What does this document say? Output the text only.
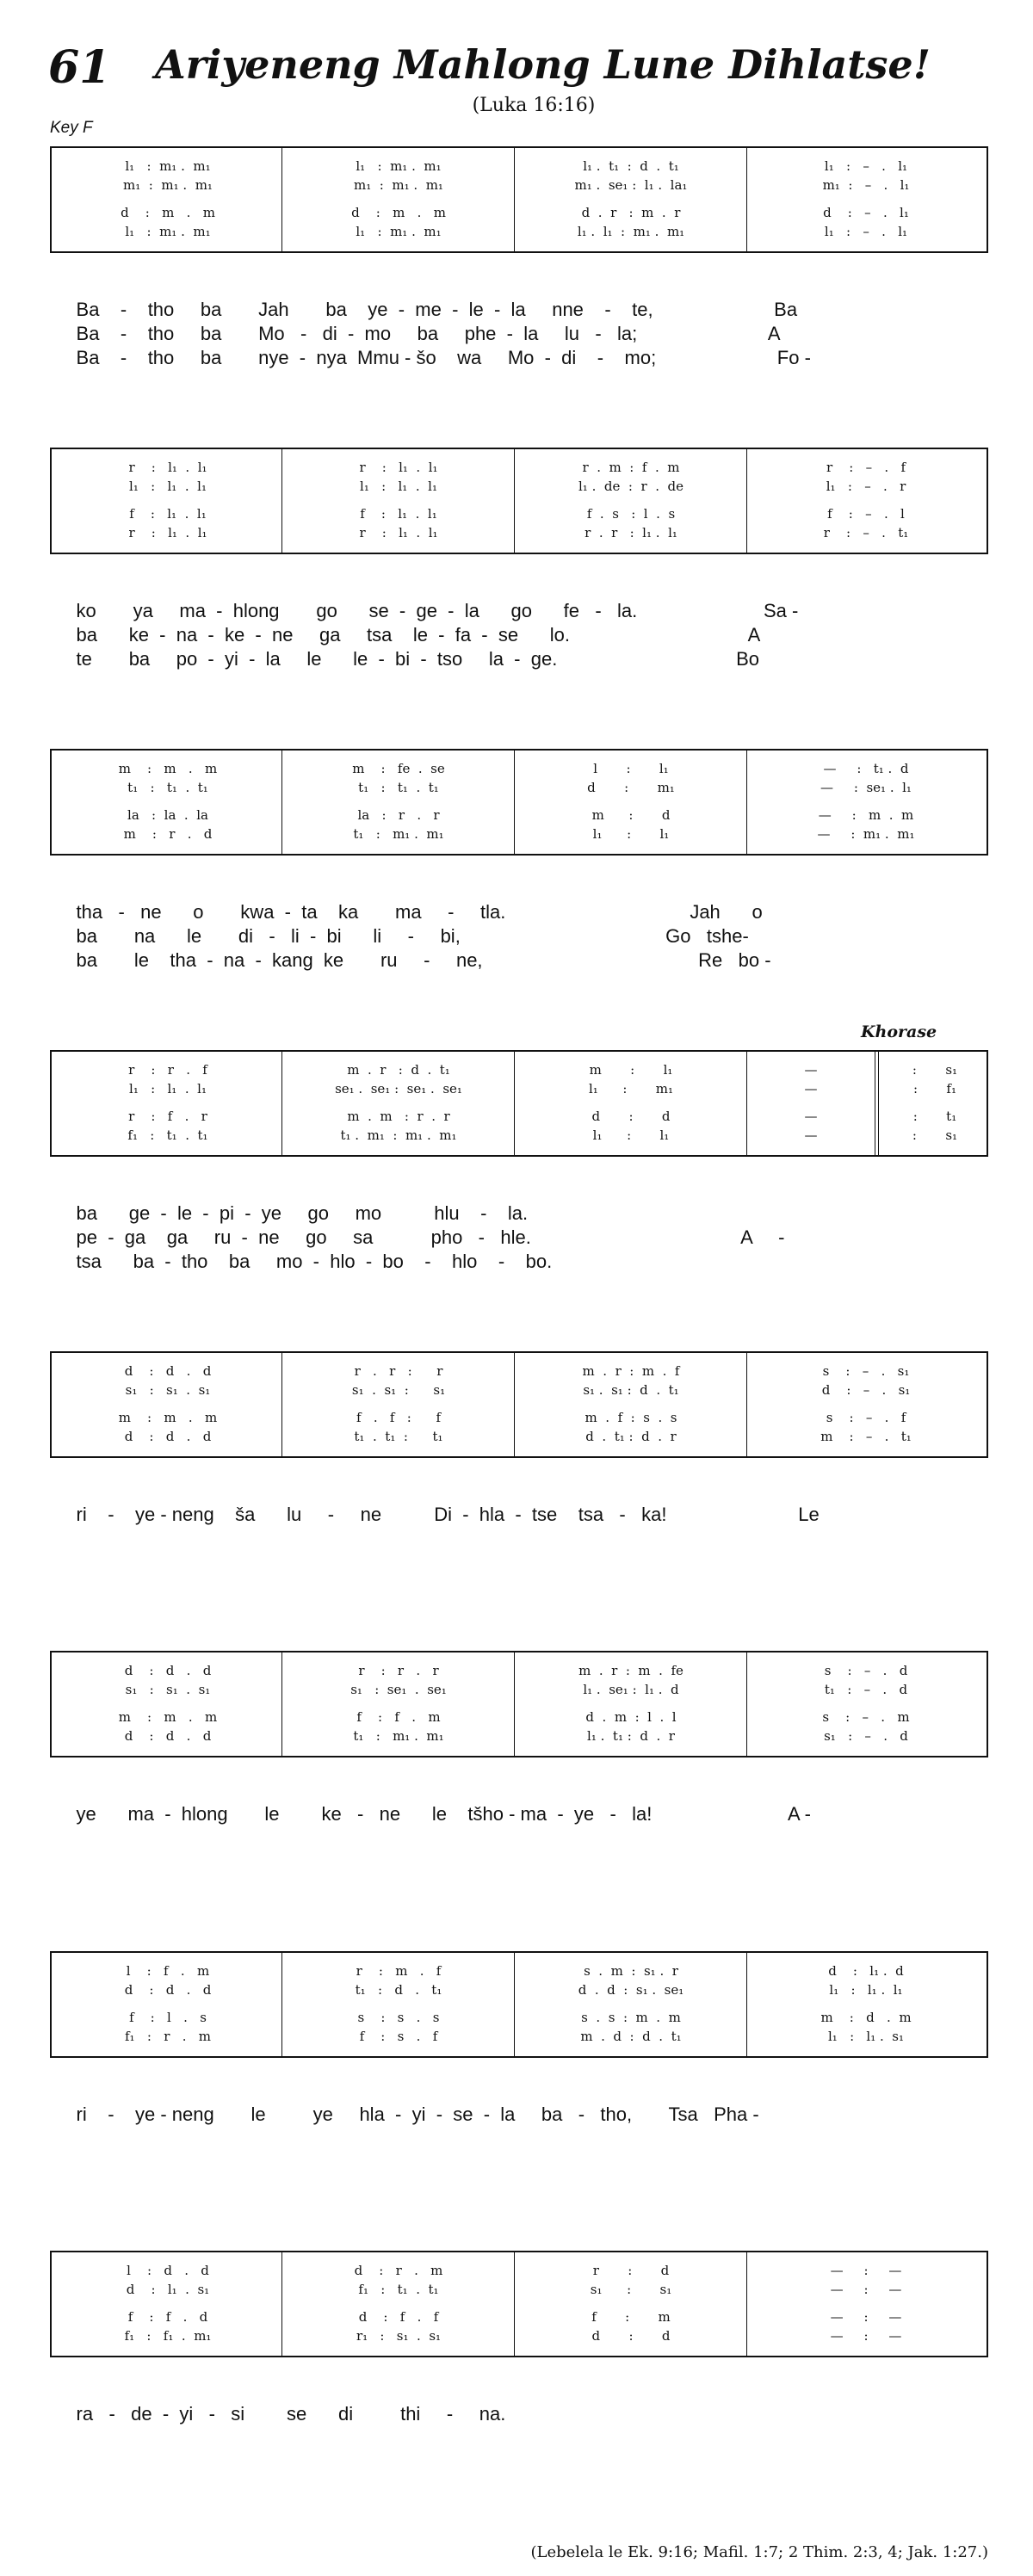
61 Ariyeneng Mahlong Lune Dihlatse!
(Luka 16:16)
Key F
l₁   :  m₁ .  m₁
m₁  :  m₁ .  m₁
d    :   m   .   m
l₁   :  m₁ .  m₁
l₁   :  m₁ .  m₁
m₁  :  m₁ .  m₁
d    :   m   .   m
l₁   :  m₁ .  m₁
l₁ .  t₁  :  d  .  t₁
m₁ .  se₁ :  l₁ .  la₁
d  .  r   :  m  .  r
l₁ .  l₁  :  m₁ .  m₁
l₁   :   –   .   l₁
m₁  :   –   .   l₁
d    :   –   .   l₁
l₁   :   –   .   l₁
Ba    -    tho     ba       Jah       ba    ye  -  me  -  le  -  la     nne    -    te,                       Ba
Ba    -    tho     ba       Mo   -   di  -  mo     ba     phe  -  la     lu   -   la;                         A
Ba    -    tho     ba       nye  -  nya  Mmu - šo    wa     Mo  -  di    -    mo;                       Fo -
r    :   l₁  .  l₁
l₁   :   l₁  .  l₁
f    :   l₁  .  l₁
r    :   l₁  .  l₁
r    :   l₁  .  l₁
l₁   :   l₁  .  l₁
f    :   l₁  .  l₁
r    :   l₁  .  l₁
r  .  m  :  f  .  m
l₁ .  de  :  r  .  de
f  .  s   :  l  .  s
r  .  r   :  l₁ .  l₁
r    :   –   .   f
l₁   :   –   .   r
f    :   –   .   l
r    :   –   .   t₁
ko       ya     ma  -  hlong       go      se  -  ge  -  la      go      fe   -   la.                        Sa -
ba      ke  -  na  -  ke  -  ne     ga     tsa    le  -  fa  -  se      lo.                                  A
te       ba     po  -  yi  -  la     le      le  -  bi  -  tso     la  -  ge.                                  Bo
m    :   m   .   m
t₁   :   t₁  .  t₁
la   :  la  .  la
m    :   r   .   d
m    :   fe  .  se
t₁   :   t₁  .  t₁
la   :   r   .   r
t₁   :   m₁ .  m₁
l       :       l₁
d       :       m₁
m      :       d
l₁      :       l₁
—     :   t₁ .  d
—     :  se₁ .  l₁
—     :   m  .  m
—     :  m₁ .  m₁
tha   -   ne      o       kwa  -  ta    ka       ma     -     tla.                                   Jah      o
ba       na      le       di   -   li  -  bi      li     -     bi,                                       Go   tshe-
ba       le    tha  -  na  -  kang  ke       ru     -     ne,                                         Re   bo -
Khorase
r    :   r   .   f
l₁   :   l₁  .  l₁
r    :   f   .   r
f₁   :   t₁  .  t₁
m  .  r   :  d  .  t₁
se₁ .  se₁ :  se₁ .  se₁
m  .  m   :  r  .  r
t₁ .  m₁  :  m₁ .  m₁
m       :       l₁
l₁      :       m₁
d       :       d
l₁      :       l₁
—
—
—
—
:       s₁
:       f₁
:       t₁
:       s₁
ba      ge  -  le  -  pi  -  ye     go     mo          hlu    -    la.
pe  -  ga    ga     ru  -  ne     go     sa           pho   -   hle.                                        A     -
tsa      ba  -  tho    ba     mo  -  hlo  -  bo    -    hlo    -    bo.
d    :   d   .   d
s₁   :   s₁  .  s₁
m    :   m   .   m
d    :   d   .   d
r   .   r   :      r
s₁  .  s₁  :      s₁
f   .   f   :      f
t₁  .  t₁  :      t₁
m  .  r  :  m  .  f
s₁ .  s₁ :  d  .  t₁
m  .  f  :  s  .  s
d  .  t₁ :  d  .  r
s    :   –   .   s₁
d    :   –   .   s₁
s    :   –   .   f
m    :   –   .   t₁
ri    -    ye - neng    ša      lu     -     ne          Di  -  hla  -  tse    tsa   -   ka!                         Le
d    :   d   .   d
s₁   :   s₁  .  s₁
m    :   m   .   m
d    :   d   .   d
r    :   r   .   r
s₁   :  se₁  .  se₁
f    :   f   .   m
t₁   :   m₁ .  m₁
m  .  r  :  m  .  fe
l₁ .  se₁ :  l₁ .  d
d  .  m  :  l  .  l
l₁ .  t₁ :  d  .  r
s    :   –   .   d
t₁   :   –   .   d
s    :   –   .   m
s₁   :   –   .   d
ye      ma  -  hlong       le        ke   -   ne      le    tšho - ma  -  ye   -   la!                          A -
l    :   f   .   m
d    :   d   .   d
f    :   l   .   s
f₁   :   r   .   m
r    :   m   .   f
t₁   :   d   .   t₁
s    :   s   .   s
f    :   s   .   f
s  .  m  :  s₁ .  r
d  .  d  :  s₁ .  se₁
s  .  s  :  m  .  m
m  .  d  :  d  .  t₁
d    :   l₁ .  d
l₁   :   l₁ .  l₁
m    :   d   .  m
l₁   :   l₁ .  s₁
ri    -    ye - neng       le         ye     hla  -  yi  -  se  -  la     ba   -   tho,       Tsa   Pha -
l    :   d   .   d
d    :   l₁  .  s₁
f    :   f   .   d
f₁   :   f₁  .  m₁
d    :   r   .   m
f₁   :   t₁  .  t₁
d    :   f   .   f
r₁   :   s₁  .  s₁
r       :       d
s₁      :       s₁
f       :       m
d       :       d
—     :     —
—     :     —
—     :     —
—     :     —
ra   -   de  -  yi   -   si        se      di         thi     -     na.
(Lebelela le Ek. 9:16; Mafil. 1:7; 2 Thim. 2:3, 4; Jak. 1:27.)
